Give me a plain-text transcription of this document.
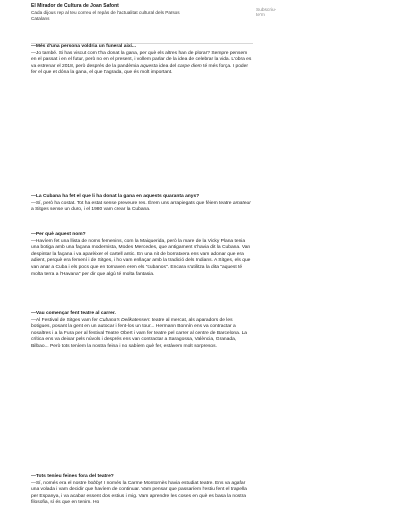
El Mirador de Cultura de Joan Safont

Cada dijous rep al teu correu el repàs de l'actualitat cultural dels Països Catalans

Subscriu-te'm

—Més d'una persona voldria un funeral així...

—Jo també. Si has viscut com t'ha donat la gana, per què els altres han de plorar? Sempre pensem en el passat i en el futur, però no en el present, i vollem parlar de la idea de celebrar la vida. L'obra es va estrenar el 2018, però després de la pandèmia aquesta idea del carpe diem té més força. I poder fer el que et dóna la gana, el que t'agrada, que és molt important.

—La Cubana ha fet el que li ha donat la gana en aquests quaranta anys?

—Sí, però ha costat. Tot ha estat sense preveure res. Érem uns arrapiegats que fèiem teatre amateur a Sitges sense un duro, i el 1980 vam crear la Cubana.

—Per què aquest nom?

—Havíem fet una llista de noms femenins, com la Maiquerida, però la mare de la Vicky Plana tenia una botiga amb una façana modernista, Modes Mercedes, que antigament s'havia dit la Cubana. Van despintar la façana i va aparèixer el cartell antic. En una nit de borratxera ens vam adonar que era adient, perquè era femení i de Sitges, i ho vam enllaçar amb la tradició dels Indians. A Sitges, els que van anar a Cuba i els pocs que en tornaven eren els "cubanos". Encara s'utilitza la dita "aquest té molta terra a l'Havana" per dir que algú té molta fantasia.

—Vau començar fent teatre al carrer.

—Al Festival de Sitges vam fer Cubana's Delikatessen: teatre al mercat, als aparadors de les botigues, posant la gent en un autocar i fent-los un tour... Hermann Bonnín ens va contractar a nosaltres i a la Fura per al festival Teatre Obert i vam fer teatre pel carrer al centre de Barcelona. La crítica ens va deixar pels núvols i després ens van contractar a Saragossa, València, Granada, Bilbao... Però tots teníem la nostra feina i no sabíem què fer, estàvem molt sorpresos.

—Tots teníeu feines fora del teatre?

—Sí, només era el nostre hobby! I només la Carme Montornès havia estudiat teatre. Ens va agafar una volada i vam decidir que havíem de continuar. Vam pensar que passaríem l'estiu fent el trapella per Espanya, i va acabar essent dos estius i mig. Vam aprendre les coses en què es basa la nostra filosofia, sí és que en tenim. Ho
